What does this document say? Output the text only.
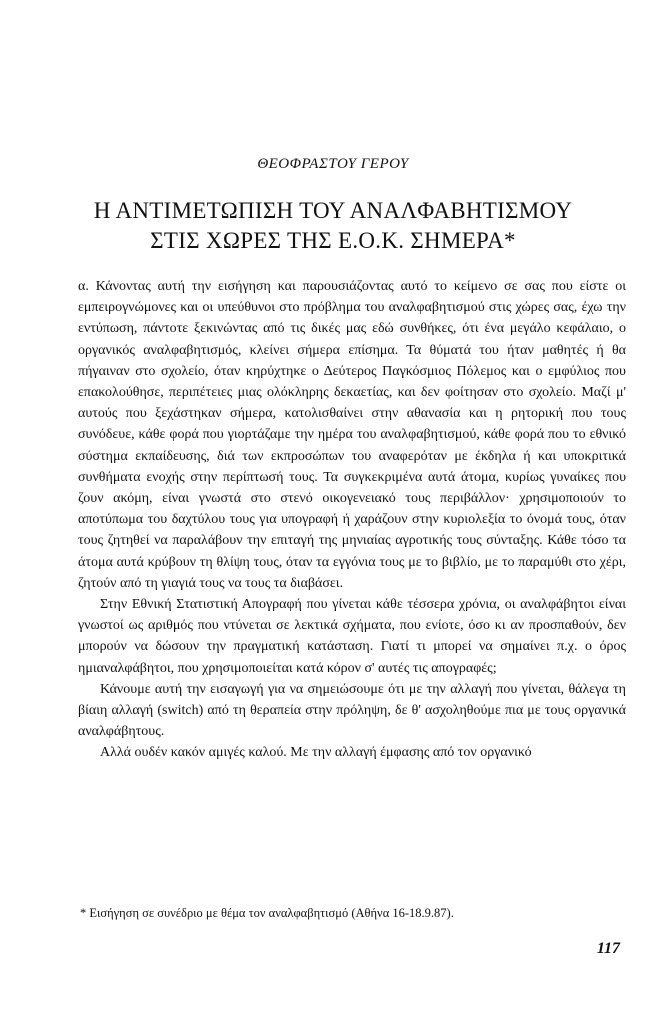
ΘΕΟΦΡΑΣΤΟΥ ΓΕΡΟΥ
Η ΑΝΤΙΜΕΤΩΠΙΣΗ ΤΟΥ ΑΝΑΛΦΑΒΗΤΙΣΜΟΥ
ΣΤΙΣ ΧΩΡΕΣ ΤΗΣ Ε.Ο.Κ. ΣΗΜΕΡΑ*

α. Κάνοντας αυτή την εισήγηση και παρουσιάζοντας αυτό το κείμενο σε σας που είστε οι εμπειρογνώμονες και οι υπεύθυνοι στο πρόβλημα του αναλφαβητισμού στις χώρες σας, έχω την εντύπωση, πάντοτε ξεκινώντας από τις δικές μας εδώ συνθήκες, ότι ένα μεγάλο κεφάλαιο, ο οργανικός αναλφαβητισμός, κλείνει σήμερα επίσημα. Τα θύματά του ήταν μαθητές ή θα πήγαιναν στο σχολείο, όταν κηρύχτηκε ο Δεύτερος Παγκόσμιος Πόλεμος και ο εμφύλιος που επακολούθησε, περιπέτειες μιας ολόκληρης δεκαετίας, και δεν φοίτησαν στο σχολείο. Μαζί μ' αυτούς που ξεχάστηκαν σήμερα, κατολισθαίνει στην αθανασία και η ρητορική που τους συνόδευε, κάθε φορά που γιορτάζαμε την ημέρα του αναλφαβητισμού, κάθε φορά που το εθνικό σύστημα εκπαίδευσης, διά των εκπροσώπων του αναφερόταν με έκδηλα ή και υποκριτικά συνθήματα ενοχής στην περίπτωσή τους. Τα συγκεκριμένα αυτά άτομα, κυρίως γυναίκες που ζουν ακόμη, είναι γνωστά στο στενό οικογενειακό τους περιβάλλον· χρησιμοποιούν το αποτύπωμα του δαχτύλου τους για υπογραφή ή χαράζουν στην κυριολεξία το όνομά τους, όταν τους ζητηθεί να παραλάβουν την επιταγή της μηνιαίας αγροτικής τους σύνταξης. Κάθε τόσο τα άτομα αυτά κρύβουν τη θλίψη τους, όταν τα εγγόνια τους με το βιβλίο, με το παραμύθι στο χέρι, ζητούν από τη γιαγιά τους να τους τα διαβάσει.

Στην Εθνική Στατιστική Απογραφή που γίνεται κάθε τέσσερα χρόνια, οι αναλφάβητοι είναι γνωστοί ως αριθμός που ντύνεται σε λεκτικά σχήματα, που ενίοτε, όσο κι αν προσπαθούν, δεν μπορούν να δώσουν την πραγματική κατάσταση. Γιατί τι μπορεί να σημαίνει π.χ. ο όρος ημιαναλφάβητοι, που χρησιμοποιείται κατά κόρον σ' αυτές τις απογραφές;

Κάνουμε αυτή την εισαγωγή για να σημειώσουμε ότι με την αλλαγή που γίνεται, θάλεγα τη βίαιη αλλαγή (switch) από τη θεραπεία στην πρόληψη, δε θ' ασχοληθούμε πια με τους οργανικά αναλφάβητους.

Αλλά ουδέν κακόν αμιγές καλού. Με την αλλαγή έμφασης από τον οργανικό

* Εισήγηση σε συνέδριο με θέμα τον αναλφαβητισμό (Αθήνα 16-18.9.87).
117
